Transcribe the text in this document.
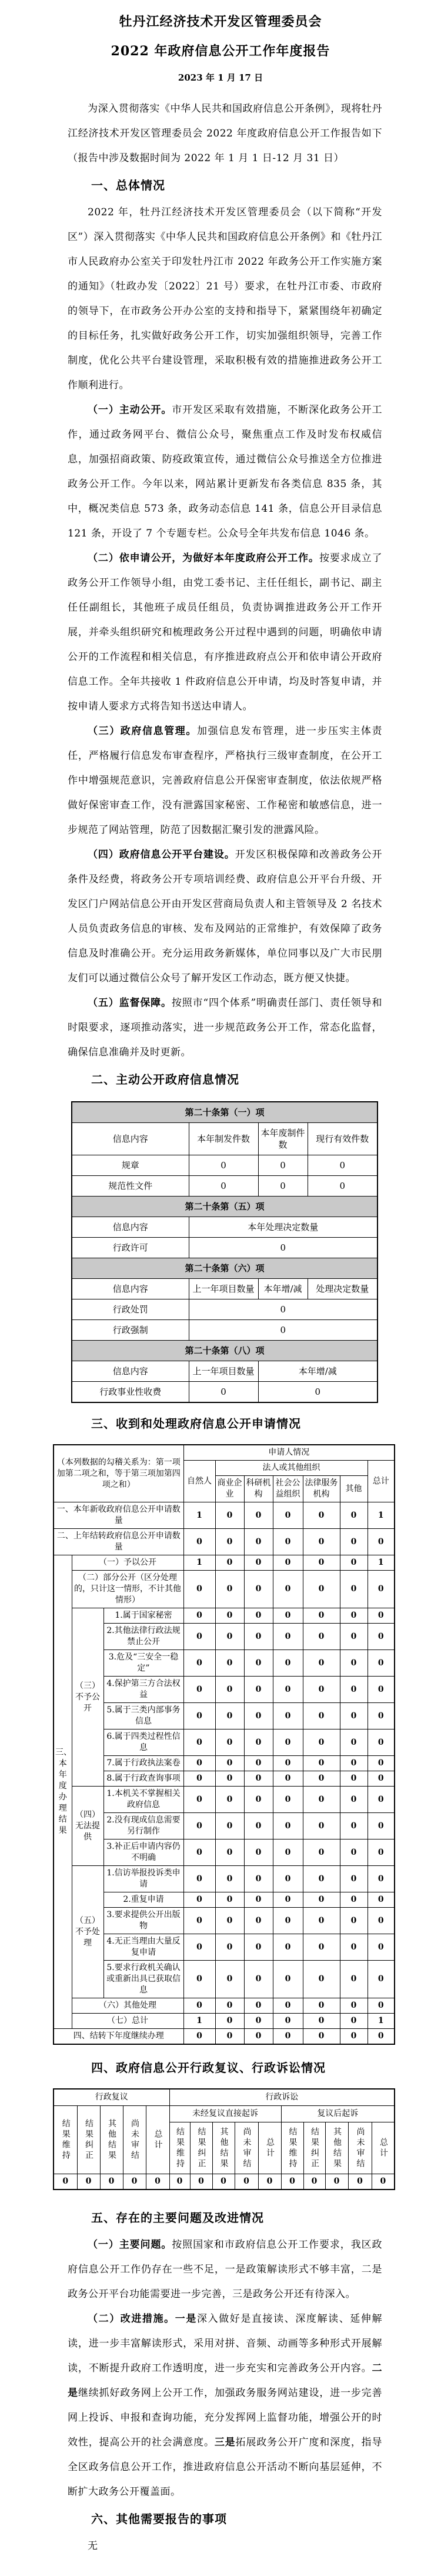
牡丹江经济技术开发区管理委员会
2022 年政府信息公开工作年度报告
2023 年 1 月 17 日

为深入贯彻落实《中华人民共和国政府信息公开条例》，现将牡丹江经济技术开发区管理委员会 2022 年度政府信息公开工作报告如下（报告中涉及数据时间为 2022 年 1 月 1 日-12 月 31 日）

一、总体情况

2022 年，牡丹江经济技术开发区管理委员会（以下简称“开发区”）深入贯彻落实《中华人民共和国政府信息公开条例》和《牡丹江市人民政府办公室关于印发牡丹江市 2022 年政务公开工作实施方案的通知》（牡政办发〔2022〕21 号）要求，在牡丹江市委、市政府的领导下，在市政务公开办公室的支持和指导下，紧紧围绕年初确定的目标任务，扎实做好政务公开工作，切实加强组织领导，完善工作制度，优化公共平台建设管理，采取积极有效的措施推进政务公开工作顺利进行。

（一）主动公开。市开发区采取有效措施，不断深化政务公开工作，通过政务网平台、微信公众号，聚焦重点工作及时发布权威信息，加强招商政策、防疫政策宣传，通过微信公众号推送全方位推进政务公开工作。今年以来，网站累计更新发布各类信息 835 条，其中，概况类信息 573 条，政务动态信息 141 条，信息公开目录信息 121 条，开设了 7 个专题专栏。公众号全年共发布信息 1046 条。

（二）依申请公开，为做好本年度政府公开工作。按要求成立了政务公开工作领导小组，由党工委书记、主任任组长，副书记、副主任任副组长，其他班子成员任组员，负责协调推进政务公开工作开展，并牵头组织研究和梳理政务公开过程中遇到的问题，明确依申请公开的工作流程和相关信息，有序推进政府点公开和依申请公开政府信息工作。全年共接收 1 件政府信息公开申请，均及时答复申请，并按申请人要求方式将告知书送达申请人。

（三）政府信息管理。加强信息发布管理，进一步压实主体责任，严格履行信息发布审查程序，严格执行三级审查制度，在公开工作中增强规范意识，完善政府信息公开保密审查制度，依法依规严格做好保密审查工作，没有泄露国家秘密、工作秘密和敏感信息，进一步规范了网站管理，防范了因数据汇聚引发的泄露风险。

（四）政府信息公开平台建设。开发区积极保障和改善政务公开条件及经费，将政务公开专项培训经费、政府信息公开平台升级、开发区门户网站信息公开由开发区营商局负责人和主管领导及 2 名技术人员负责政务信息的审核、发布及网站的正常维护，有效保障了政务信息及时准确公开。充分运用政务新媒体，单位同事以及广大市民朋友们可以通过微信公众号了解开发区工作动态，既方便又快捷。

（五）监督保障。按照市“四个体系”明确责任部门、责任领导和时限要求，逐项推动落实，进一步规范政务公开工作，常态化监督，确保信息准确并及时更新。

二、主动公开政府信息情况
第二十条第（一）项			
信息内容	本年制发件数	本年废制件数	现行有效件数
规章	0	0	0
规范性文件	0	0	0
第二十条第（五）项			
信息内容	本年处理决定数量		
行政许可	0		
第二十条第（六）项			
信息内容	上一年项目数量	本年增/减	处理决定数量
行政处罚	0		
行政强制	0		
第二十条第（八）项			
信息内容	上一年项目数量	本年增/减	
行政事业性收费	0	0	
三、收到和处理政府信息公开申请情况
（本列数据的勾稽关系为：第一项加第二项之和，等于第三项加第四项之和）			申请人情况						
			自然人	法人或其他组织					总计
				商业企业	科研机构	社会公益组织	法律服务机构	其他	
一、本年新收政府信息公开申请数量			1	0	0	0	0	0	1
二、上年结转政府信息公开申请数量			0	0	0	0	0	0	0
三、本年度办理结果	（一）予以公开		1	0	0	0	0	0	1
	（二）部分公开（区分处理的，只计这一情形，不计其他情形）		0	0	0	0	0	0	0
	（三）不予公开	1.属于国家秘密	0	0	0	0	0	0	0
		2.其他法律行政法规禁止公开	0	0	0	0	0	0	0
		3.危及“三安全一稳定”	0	0	0	0	0	0	0
		4.保护第三方合法权益	0	0	0	0	0	0	0
		5.属于三类内部事务信息	0	0	0	0	0	0	0
		6.属于四类过程性信息	0	0	0	0	0	0	0
		7.属于行政执法案卷	0	0	0	0	0	0	0
		8.属于行政查询事项	0	0	0	0	0	0	0
	（四）无法提供	1.本机关不掌握相关政府信息	0	0	0	0	0	0	0
		2.没有现成信息需要另行制作	0	0	0	0	0	0	0
		3.补正后申请内容仍不明确	0	0	0	0	0	0	0
	（五）不予处理	1.信访举报投诉类申请	0	0	0	0	0	0	0
		2.重复申请	0	0	0	0	0	0	0
		3.要求提供公开出版物	0	0	0	0	0	0	0
		4.无正当理由大量反复申请	0	0	0	0	0	0	0
		5.要求行政机关确认或重新出具已获取信息	0	0	0	0	0	0	0
	（六）其他处理		0	0	0	0	0	0	0
	（七）总计		1	0	0	0	0	0	1
四、结转下年度继续办理			0	0	0	0	0	0	0
四、政府信息公开行政复议、行政诉讼情况
行政复议					行政诉讼									
结果维持	结果纠正	其他结果	尚未审结	总计	未经复议直接起诉					复议后起诉				
					结果维持	结果纠正	其他结果	尚未审结	总计	结果维持	结果纠正	其他结果	尚未审结	总计
0	0	0	0	0	0	0	0	0	0	0	0	0	0	0
五、存在的主要问题及改进情况

（一）主要问题。按照国家和市政府信息公开工作要求，我区政府信息公开工作仍存在一些不足，一是政策解读形式不够丰富，二是政务公开平台功能需要进一步完善，三是政务公开还有待深入。

（二）改进措施。一是深入做好是直接读、深度解读、延伸解读，进一步丰富解读形式，采用对拼、音频、动画等多种形式开展解读，不断提升政府工作透明度，进一步充实和完善政务公开内容。二是继续抓好政务网上公开工作，加强政务服务网站建设，进一步完善网上投诉、申报和查询功能，充分发挥网上监督功能，增强公开的时效性，提高公开的社会满意度。三是拓展政务公开广度和深度，指导全区政务信息公开工作，推进政府信息公开活动不断向基层延伸，不断扩大政务公开覆盖面。

六、其他需要报告的事项

无
